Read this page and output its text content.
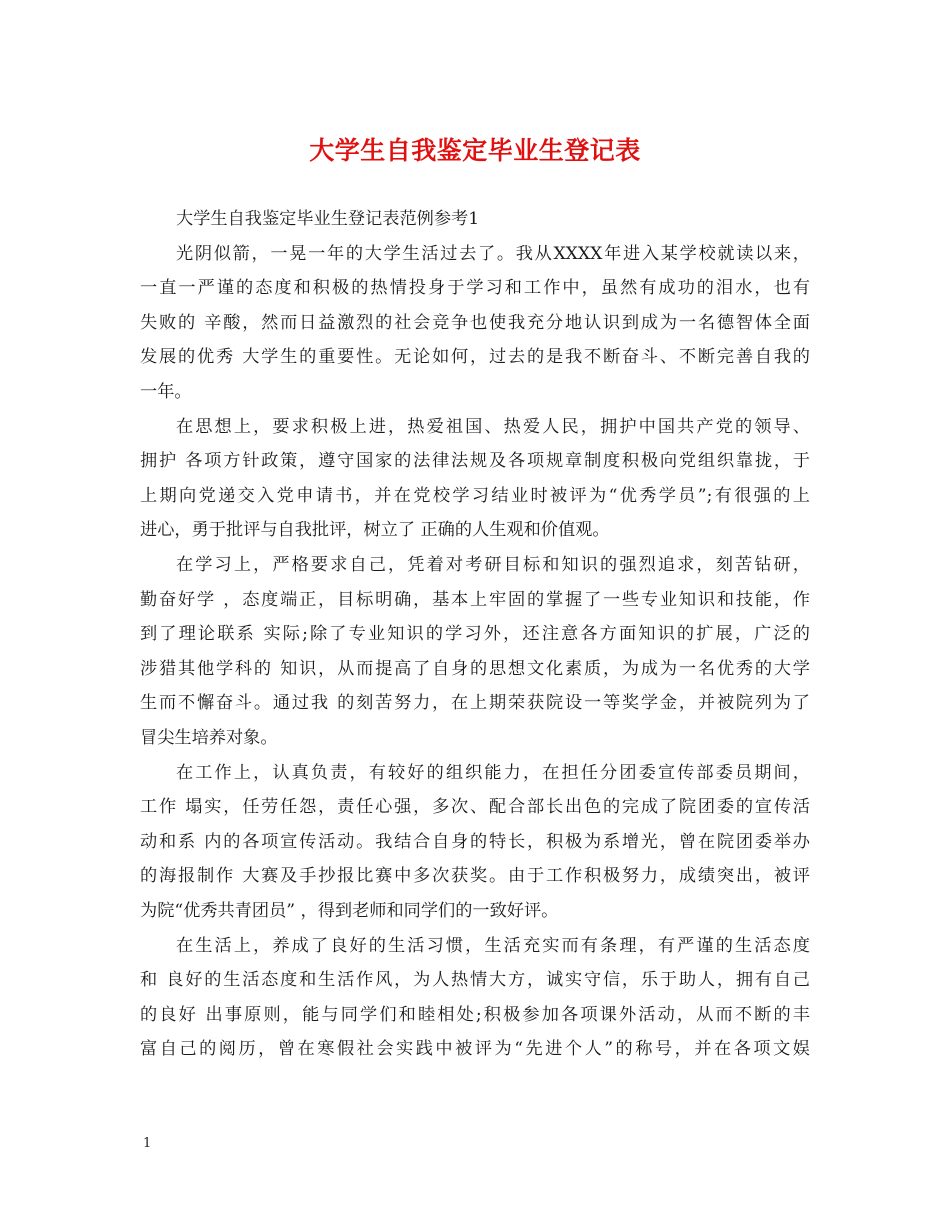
大学生自我鉴定毕业生登记表
大学生自我鉴定毕业生登记表范例参考1
光阴似箭，一晃一年的大学生活过去了。我从XXXX年进入某学校就读以来，
一直一严谨的态度和积极的热情投身于学习和工作中，虽然有成功的泪水，也有
失败的 辛酸，然而日益激烈的社会竞争也使我充分地认识到成为一名德智体全面
发展的优秀 大学生的重要性。无论如何，过去的是我不断奋斗、不断完善自我的
一年。
在思想上，要求积极上进，热爱祖国、热爱人民，拥护中国共产党的领导、
拥护 各项方针政策，遵守国家的法律法规及各项规章制度积极向党组织靠拢，于
上期向党递交入党申请书，并在党校学习结业时被评为“优秀学员”;有很强的上
进心，勇于批评与自我批评，树立了 正确的人生观和价值观。
在学习上，严格要求自己，凭着对考研目标和知识的强烈追求，刻苦钻研，
勤奋好学 ，态度端正，目标明确，基本上牢固的掌握了一些专业知识和技能，作
到了理论联系 实际;除了专业知识的学习外，还注意各方面知识的扩展，广泛的
涉猎其他学科的 知识，从而提高了自身的思想文化素质，为成为一名优秀的大学
生而不懈奋斗。通过我 的刻苦努力，在上期荣获院设一等奖学金，并被院列为了
冒尖生培养对象。
在工作上，认真负责，有较好的组织能力，在担任分团委宣传部委员期间，
工作 塌实，任劳任怨，责任心强，多次、配合部长出色的完成了院团委的宣传活
动和系 内的各项宣传活动。我结合自身的特长，积极为系增光，曾在院团委举办
的海报制作 大赛及手抄报比赛中多次获奖。由于工作积极努力，成绩突出，被评
为院“优秀共青团员” ，得到老师和同学们的一致好评。
在生活上，养成了良好的生活习惯，生活充实而有条理，有严谨的生活态度
和 良好的生活态度和生活作风，为人热情大方，诚实守信，乐于助人，拥有自己
的良好 出事原则，能与同学们和睦相处;积极参加各项课外活动，从而不断的丰
富自己的阅历，曾在寒假社会实践中被评为“先进个人”的称号，并在各项文娱
1
